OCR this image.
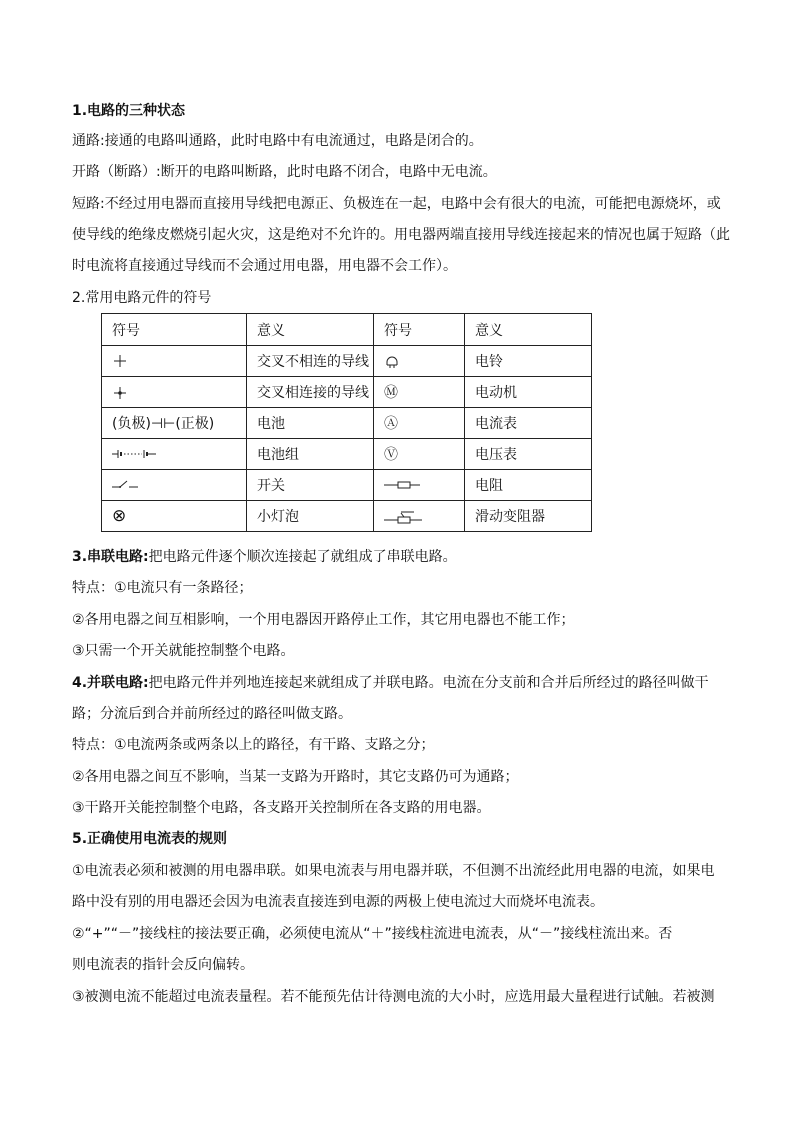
1.电路的三种状态
通路:接通的电路叫通路，此时电路中有电流通过，电路是闭合的。
开路（断路）:断开的电路叫断路，此时电路不闭合，电路中无电流。
短路:不经过用电器而直接用导线把电源正、负极连在一起，电路中会有很大的电流，可能把电源烧坏，或
使导线的绝缘皮燃烧引起火灾，这是绝对不允许的。用电器两端直接用导线连接起来的情况也属于短路（此
时电流将直接通过导线而不会通过用电器，用电器不会工作）。
2.常用电路元件的符号
符号	意义	符号	意义
	交叉不相连的导线		电铃
	交叉相连接的导线	Ⓜ	电动机
(负极)⊣⊢(正极)	电池	Ⓐ	电流表
	电池组	Ⓥ	电压表
	开关		电阻
⊗	小灯泡		滑动变阻器
3.串联电路:把电路元件逐个顺次连接起了就组成了串联电路。
特点：①电流只有一条路径；
②各用电器之间互相影响，一个用电器因开路停止工作，其它用电器也不能工作；
③只需一个开关就能控制整个电路。
4.并联电路:把电路元件并列地连接起来就组成了并联电路。电流在分支前和合并后所经过的路径叫做干
路；分流后到合并前所经过的路径叫做支路。
特点：①电流两条或两条以上的路径，有干路、支路之分；
②各用电器之间互不影响，当某一支路为开路时，其它支路仍可为通路；
③干路开关能控制整个电路，各支路开关控制所在各支路的用电器。
5.正确使用电流表的规则
①电流表必须和被测的用电器串联。如果电流表与用电器并联，不但测不出流经此用电器的电流，如果电
路中没有别的用电器还会因为电流表直接连到电源的两极上使电流过大而烧坏电流表。
②“+”“－”接线柱的接法要正确，必须使电流从“＋”接线柱流进电流表，从“－”接线柱流出来。否
则电流表的指针会反向偏转。
③被测电流不能超过电流表量程。若不能预先估计待测电流的大小时，应选用最大量程进行试触。若被测
